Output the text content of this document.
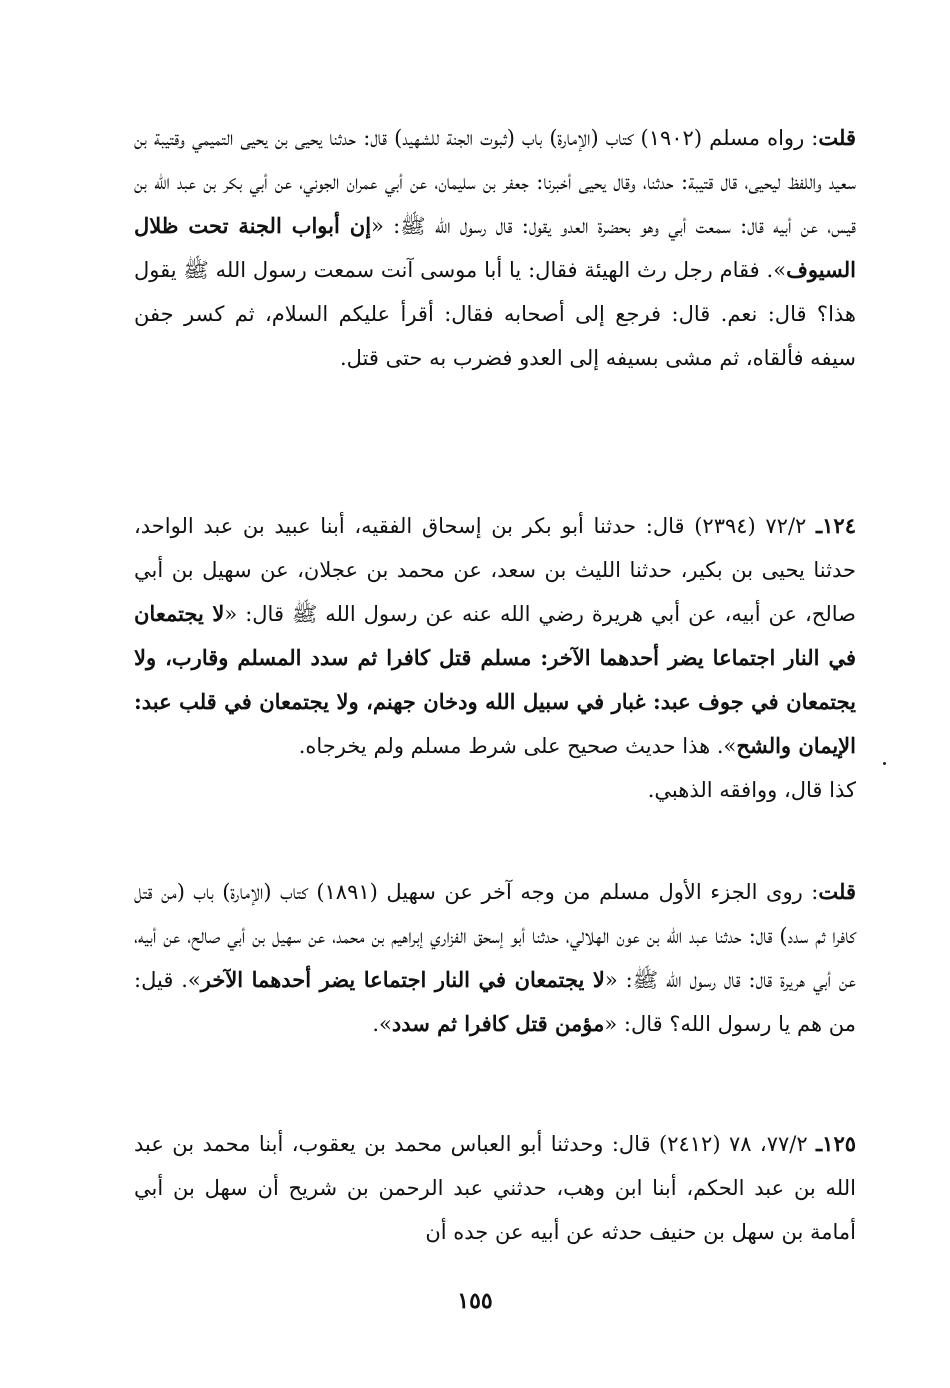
قلت: رواه مسلم (١٩٠٢) كتاب (الإمارة) باب (ثبوت الجنة للشهيد) قال: حدثنا يحيى بن يحيى التميمي وقتيبة بن سعيد واللفظ ليحيى، قال قتيبة: حدثنا، وقال يحيى أخبرنا: جعفر بن سليمان، عن أبي عمران الجوني، عن أبي بكر بن عبد الله بن قيس، عن أبيه قال: سمعت أبي وهو بحضرة العدو يقول: قال رسول الله ﷺ: «إن أبواب الجنة تحت ظلال السيوف». فقام رجل رث الهيئة فقال: يا أبا موسى آنت سمعت رسول الله ﷺ يقول هذا؟ قال: نعم. قال: فرجع إلى أصحابه فقال: أقرأ عليكم السلام، ثم كسر جفن سيفه فألقاه، ثم مشى بسيفه إلى العدو فضرب به حتى قتل.

١٢٤ـ ٧٢/٢ (٢٣٩٤) قال: حدثنا أبو بكر بن إسحاق الفقيه، أبنا عبيد بن عبد الواحد، حدثنا يحيى بن بكير، حدثنا الليث بن سعد، عن محمد بن عجلان، عن سهيل بن أبي صالح، عن أبيه، عن أبي هريرة رضي الله عنه عن رسول الله ﷺ قال: «لا يجتمعان في النار اجتماعا يضر أحدهما الآخر: مسلم قتل كافرا ثم سدد المسلم وقارب، ولا يجتمعان في جوف عبد: غبار في سبيل الله ودخان جهنم، ولا يجتمعان في قلب عبد: الإيمان والشح». هذا حديث صحيح على شرط مسلم ولم يخرجاه.

كذا قال، ووافقه الذهبي.

قلت: روى الجزء الأول مسلم من وجه آخر عن سهيل (١٨٩١) كتاب (الإمارة) باب (من قتل كافرا ثم سدد) قال: حدثنا عبد الله بن عون الهلالي، حدثنا أبو إسحق الفزاري إبراهيم بن محمد، عن سهيل بن أبي صالح، عن أبيه، عن أبي هريرة قال: قال رسول الله ﷺ: «لا يجتمعان في النار اجتماعا يضر أحدهما الآخر». قيل: من هم يا رسول الله؟ قال: «مؤمن قتل كافرا ثم سدد».

١٢٥ـ ٧٧/٢، ٧٨ (٢٤١٢) قال: وحدثنا أبو العباس محمد بن يعقوب، أبنا محمد بن عبد الله بن عبد الحكم، أبنا ابن وهب، حدثني عبد الرحمن بن شريح أن سهل بن أبي أمامة بن سهل بن حنيف حدثه عن أبيه عن جده أن

١٥٥
